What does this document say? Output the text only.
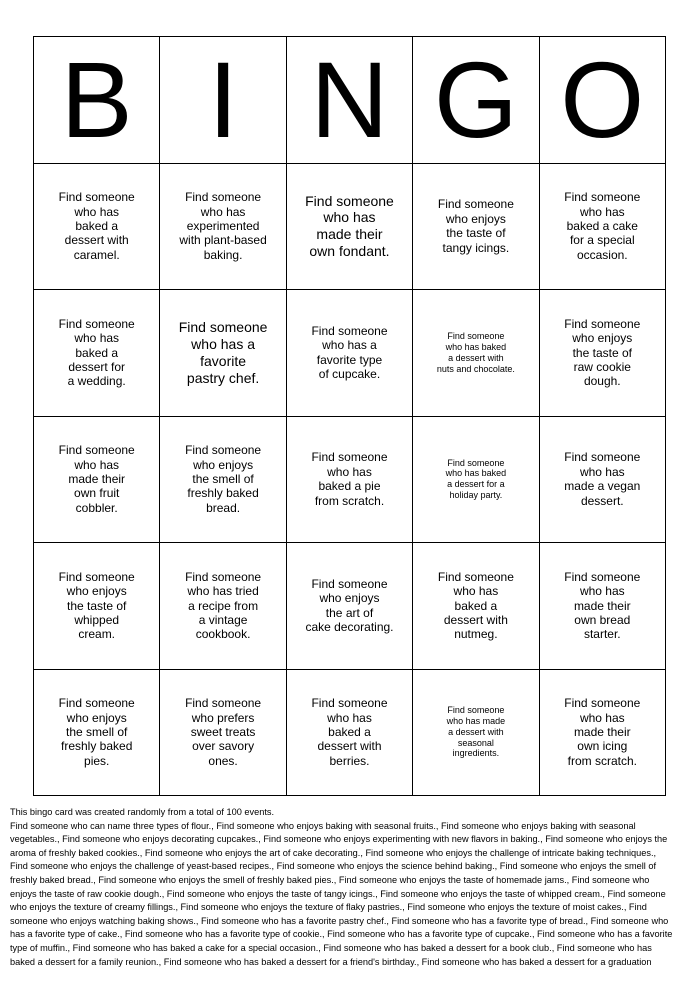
B I N G O
Find someone
who has
baked a
dessert with
caramel.
Find someone
who has
experimented
with plant-based
baking.
Find someone
who has
made their
own fondant.
Find someone
who enjoys
the taste of
tangy icings.
Find someone
who has
baked a cake
for a special
occasion.
Find someone
who has
baked a
dessert for
a wedding.
Find someone
who has a
favorite
pastry chef.
Find someone
who has a
favorite type
of cupcake.
Find someone
who has baked
a dessert with
nuts and chocolate.
Find someone
who enjoys
the taste of
raw cookie
dough.
Find someone
who has
made their
own fruit
cobbler.
Find someone
who enjoys
the smell of
freshly baked
bread.
Find someone
who has
baked a pie
from scratch.
Find someone
who has baked
a dessert for a
holiday party.
Find someone
who has
made a vegan
dessert.
Find someone
who enjoys
the taste of
whipped
cream.
Find someone
who has tried
a recipe from
a vintage
cookbook.
Find someone
who enjoys
the art of
cake decorating.
Find someone
who has
baked a
dessert with
nutmeg.
Find someone
who has
made their
own bread
starter.
Find someone
who enjoys
the smell of
freshly baked
pies.
Find someone
who prefers
sweet treats
over savory
ones.
Find someone
who has
baked a
dessert with
berries.
Find someone
who has made
a dessert with
seasonal
ingredients.
Find someone
who has
made their
own icing
from scratch.
This bingo card was created randomly from a total of 100 events.
Find someone who can name three types of flour., Find someone who enjoys baking with seasonal fruits., Find someone who enjoys baking with seasonal
vegetables., Find someone who enjoys decorating cupcakes., Find someone who enjoys experimenting with new flavors in baking., Find someone who enjoys the
aroma of freshly baked cookies., Find someone who enjoys the art of cake decorating., Find someone who enjoys the challenge of intricate baking techniques.,
Find someone who enjoys the challenge of yeast-based recipes., Find someone who enjoys the science behind baking., Find someone who enjoys the smell of
freshly baked bread., Find someone who enjoys the smell of freshly baked pies., Find someone who enjoys the taste of homemade jams., Find someone who
enjoys the taste of raw cookie dough., Find someone who enjoys the taste of tangy icings., Find someone who enjoys the taste of whipped cream., Find someone
who enjoys the texture of creamy fillings., Find someone who enjoys the texture of flaky pastries., Find someone who enjoys the texture of moist cakes., Find
someone who enjoys watching baking shows., Find someone who has a favorite pastry chef., Find someone who has a favorite type of bread., Find someone who
has a favorite type of cake., Find someone who has a favorite type of cookie., Find someone who has a favorite type of cupcake., Find someone who has a favorite
type of muffin., Find someone who has baked a cake for a special occasion., Find someone who has baked a dessert for a book club., Find someone who has
baked a dessert for a family reunion., Find someone who has baked a dessert for a friend's birthday., Find someone who has baked a dessert for a graduation
